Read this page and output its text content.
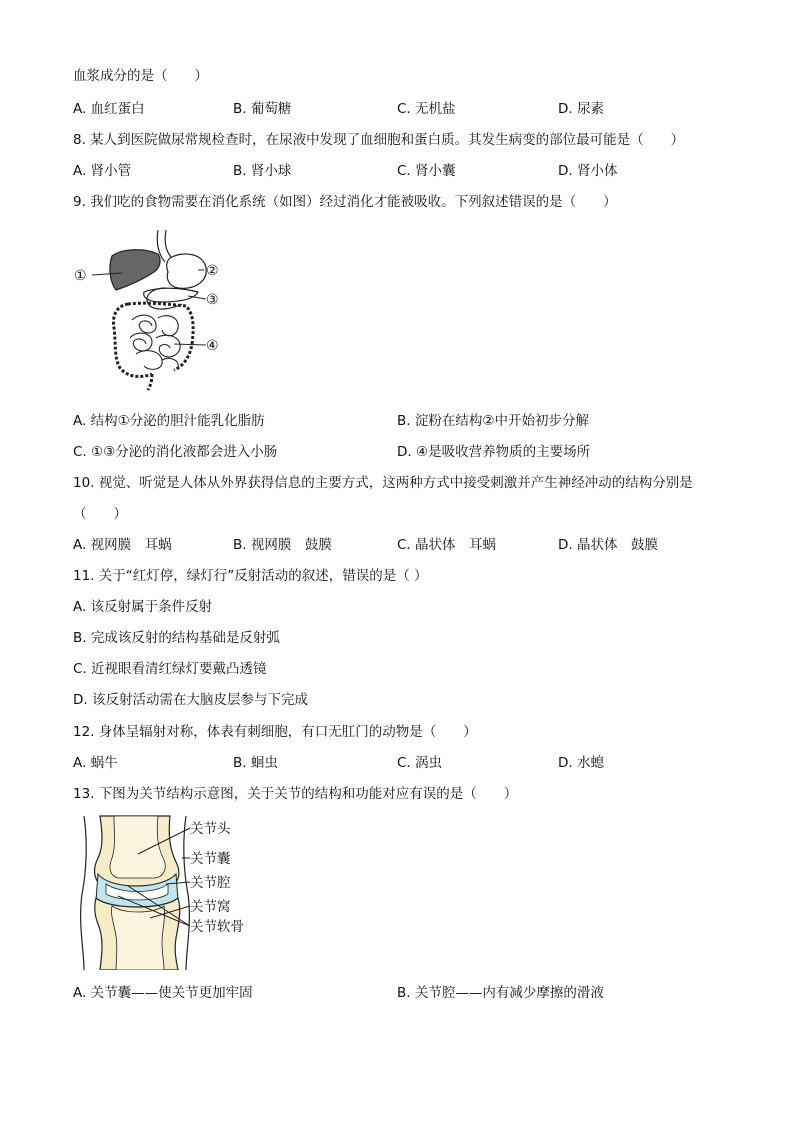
血浆成分的是（　　）
A. 血红蛋白	B. 葡萄糖	C. 无机盐	D. 尿素
8. 某人到医院做尿常规检查时，在尿液中发现了血细胞和蛋白质。其发生病变的部位最可能是（　　）
A. 肾小管	B. 肾小球	C. 肾小囊	D. 肾小体
9. 我们吃的食物需要在消化系统（如图）经过消化才能被吸收。下列叙述错误的是（　　）
①	②
③
④
A. 结构①分泌的胆汁能乳化脂肪	B. 淀粉在结构②中开始初步分解
C. ①③分泌的消化液都会进入小肠	D. ④是吸收营养物质的主要场所
10. 视觉、听觉是人体从外界获得信息的主要方式，这两种方式中接受刺激并产生神经冲动的结构分别是
（　　）
A. 视网膜　耳蜗	B. 视网膜　鼓膜	C. 晶状体　耳蜗	D. 晶状体　鼓膜
11. 关于“红灯停，绿灯行”反射活动的叙述，错误的是（ ）
A. 该反射属于条件反射
B. 完成该反射的结构基础是反射弧
C. 近视眼看清红绿灯要戴凸透镜
D. 该反射活动需在大脑皮层参与下完成
12. 身体呈辐射对称，体表有刺细胞，有口无肛门的动物是（　　）
A. 蜗牛	B. 蛔虫	C. 涡虫	D. 水螅
13. 下图为关节结构示意图，关于关节的结构和功能对应有误的是（　　）
关节头
关节囊
关节腔
关节窝
关节软骨
A. 关节囊——使关节更加牢固	B. 关节腔——内有减少摩擦的滑液
